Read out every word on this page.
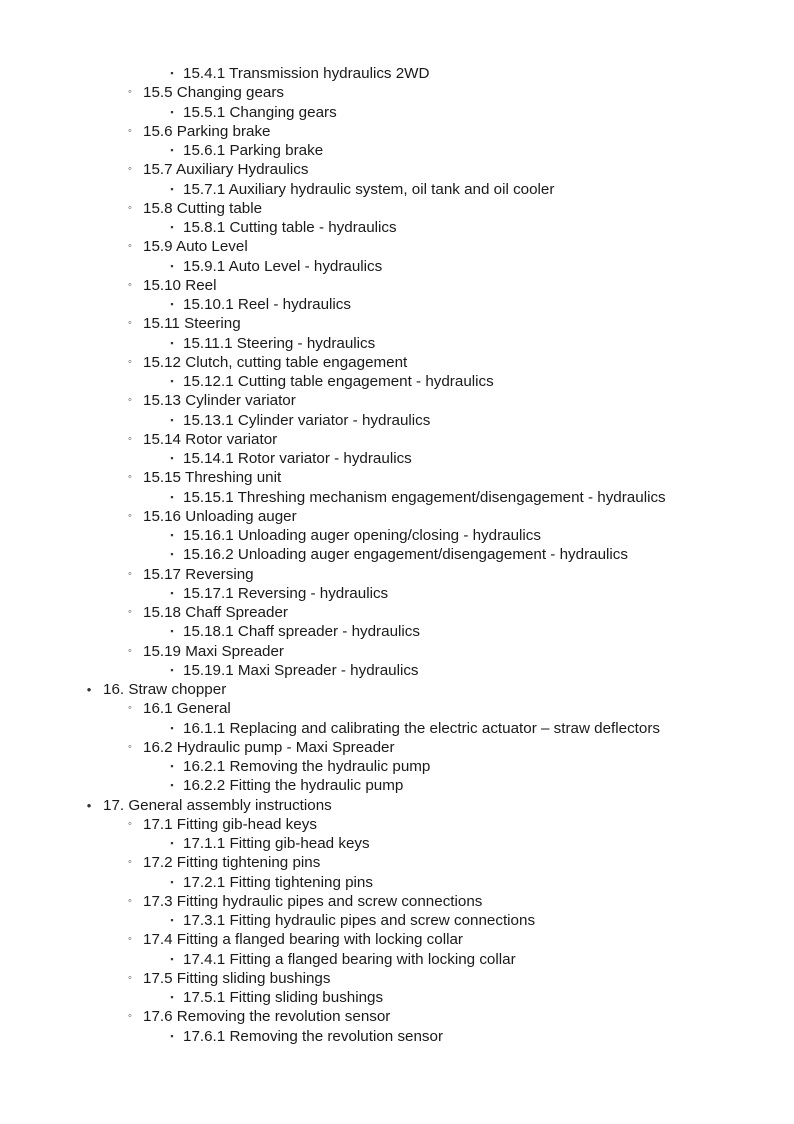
▪ 15.4.1 Transmission hydraulics 2WD
◦ 15.5 Changing gears
▪ 15.5.1 Changing gears
◦ 15.6 Parking brake
▪ 15.6.1 Parking brake
◦ 15.7 Auxiliary Hydraulics
▪ 15.7.1 Auxiliary hydraulic system, oil tank and oil cooler
◦ 15.8 Cutting table
▪ 15.8.1 Cutting table - hydraulics
◦ 15.9 Auto Level
▪ 15.9.1 Auto Level - hydraulics
◦ 15.10 Reel
▪ 15.10.1 Reel - hydraulics
◦ 15.11 Steering
▪ 15.11.1 Steering - hydraulics
◦ 15.12 Clutch, cutting table engagement
▪ 15.12.1 Cutting table engagement - hydraulics
◦ 15.13 Cylinder variator
▪ 15.13.1 Cylinder variator - hydraulics
◦ 15.14 Rotor variator
▪ 15.14.1 Rotor variator - hydraulics
◦ 15.15 Threshing unit
▪ 15.15.1 Threshing mechanism engagement/disengagement - hydraulics
◦ 15.16 Unloading auger
▪ 15.16.1 Unloading auger opening/closing - hydraulics
▪ 15.16.2 Unloading auger engagement/disengagement - hydraulics
◦ 15.17 Reversing
▪ 15.17.1 Reversing - hydraulics
◦ 15.18 Chaff Spreader
▪ 15.18.1 Chaff spreader - hydraulics
◦ 15.19 Maxi Spreader
▪ 15.19.1 Maxi Spreader - hydraulics
• 16. Straw chopper
◦ 16.1 General
▪ 16.1.1 Replacing and calibrating the electric actuator – straw deflectors
◦ 16.2 Hydraulic pump - Maxi Spreader
▪ 16.2.1 Removing the hydraulic pump
▪ 16.2.2 Fitting the hydraulic pump
• 17. General assembly instructions
◦ 17.1 Fitting gib-head keys
▪ 17.1.1 Fitting gib-head keys
◦ 17.2 Fitting tightening pins
▪ 17.2.1 Fitting tightening pins
◦ 17.3 Fitting hydraulic pipes and screw connections
▪ 17.3.1 Fitting hydraulic pipes and screw connections
◦ 17.4 Fitting a flanged bearing with locking collar
▪ 17.4.1 Fitting a flanged bearing with locking collar
◦ 17.5 Fitting sliding bushings
▪ 17.5.1 Fitting sliding bushings
◦ 17.6 Removing the revolution sensor
▪ 17.6.1 Removing the revolution sensor
